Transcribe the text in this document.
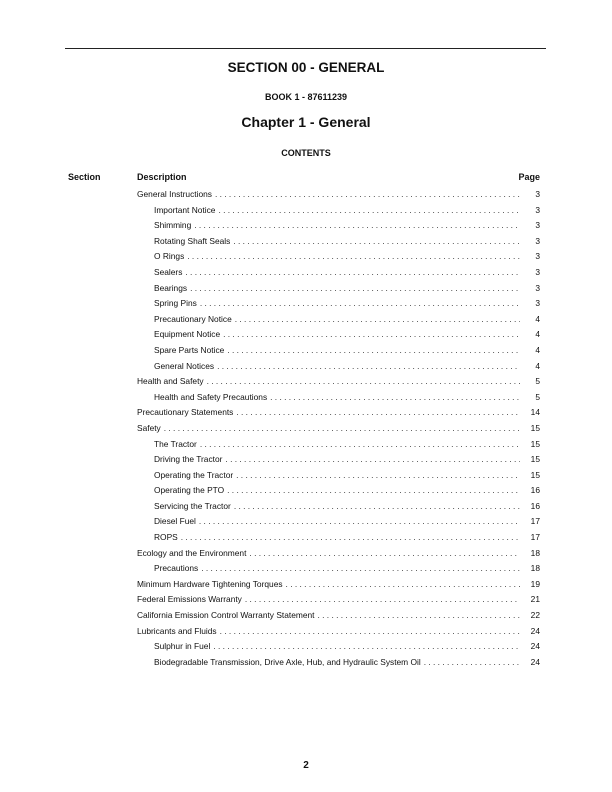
SECTION 00 - GENERAL
BOOK 1 - 87611239
Chapter 1 - General
CONTENTS
Section	Description	Page
General Instructions . . .	3
Important Notice . . .	3
Shimming . . .	3
Rotating Shaft Seals . . .	3
O Rings . . .	3
Sealers . . .	3
Bearings . . .	3
Spring Pins . . .	3
Precautionary Notice . . .	4
Equipment Notice . . .	4
Spare Parts Notice . . .	4
General Notices . . .	4
Health and Safety . . .	5
Health and Safety Precautions . . .	5
Precautionary Statements . . .	14
Safety . . .	15
The Tractor . . .	15
Driving the Tractor . . .	15
Operating the Tractor . . .	15
Operating the PTO . . .	16
Servicing the Tractor . . .	16
Diesel Fuel . . .	17
ROPS . . .	17
Ecology and the Environment . . .	18
Precautions . . .	18
Minimum Hardware Tightening Torques . . .	19
Federal Emissions Warranty . . .	21
California Emission Control Warranty Statement . . .	22
Lubricants and Fluids . . .	24
Sulphur in Fuel . . .	24
Biodegradable Transmission, Drive Axle, Hub, and Hydraulic System Oil . . .	24
2
